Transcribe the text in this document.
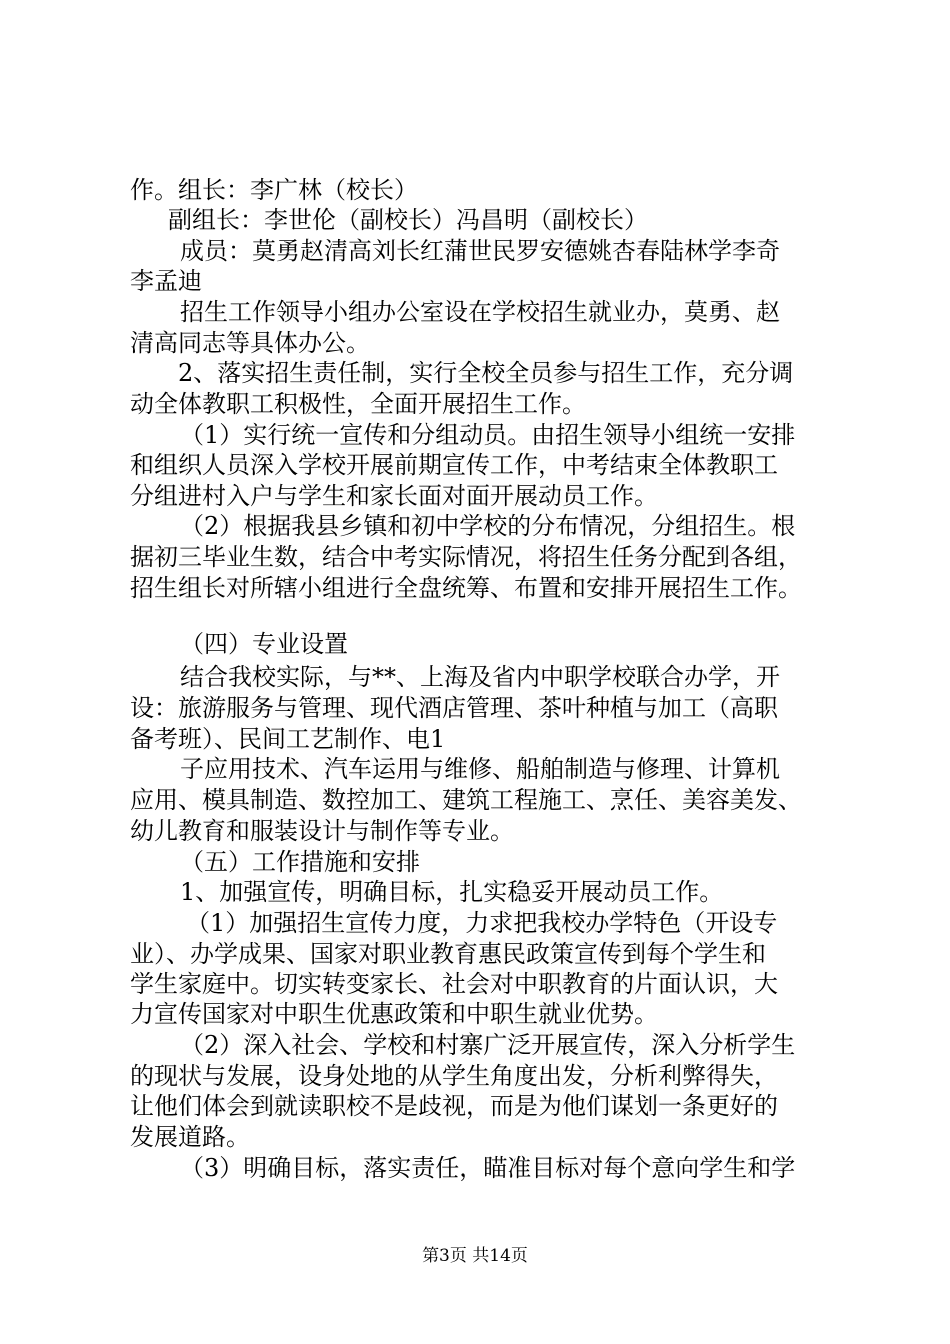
作。组长：李广林（校长）

副组长：李世伦（副校长）冯昌明（副校长）

成员：莫勇赵清高刘长红蒲世民罗安德姚杏春陆林学李奇

李孟迪

招生工作领导小组办公室设在学校招生就业办，莫勇、赵

清高同志等具体办公。

2、落实招生责任制，实行全校全员参与招生工作，充分调

动全体教职工积极性，全面开展招生工作。

（1）实行统一宣传和分组动员。由招生领导小组统一安排

和组织人员深入学校开展前期宣传工作，中考结束全体教职工

分组进村入户与学生和家长面对面开展动员工作。

（2）根据我县乡镇和初中学校的分布情况，分组招生。根

据初三毕业生数，结合中考实际情况，将招生任务分配到各组，

招生组长对所辖小组进行全盘统筹、布置和安排开展招生工作。

（四）专业设置

结合我校实际，与**、上海及省内中职学校联合办学，开

设：旅游服务与管理、现代酒店管理、茶叶种植与加工（高职

备考班）、民间工艺制作、电1

子应用技术、汽车运用与维修、船舶制造与修理、计算机

应用、模具制造、数控加工、建筑工程施工、烹任、美容美发、

幼儿教育和服装设计与制作等专业。

（五）工作措施和安排

1、加强宣传，明确目标，扎实稳妥开展动员工作。

（1）加强招生宣传力度，力求把我校办学特色（开设专

业）、办学成果、国家对职业教育惠民政策宣传到每个学生和

学生家庭中。切实转变家长、社会对中职教育的片面认识，大

力宣传国家对中职生优惠政策和中职生就业优势。

（2）深入社会、学校和村寨广泛开展宣传，深入分析学生

的现状与发展，设身处地的从学生角度出发，分析利弊得失，

让他们体会到就读职校不是歧视，而是为他们谋划一条更好的

发展道路。

（3）明确目标，落实责任，瞄准目标对每个意向学生和学

第3页 共14页
